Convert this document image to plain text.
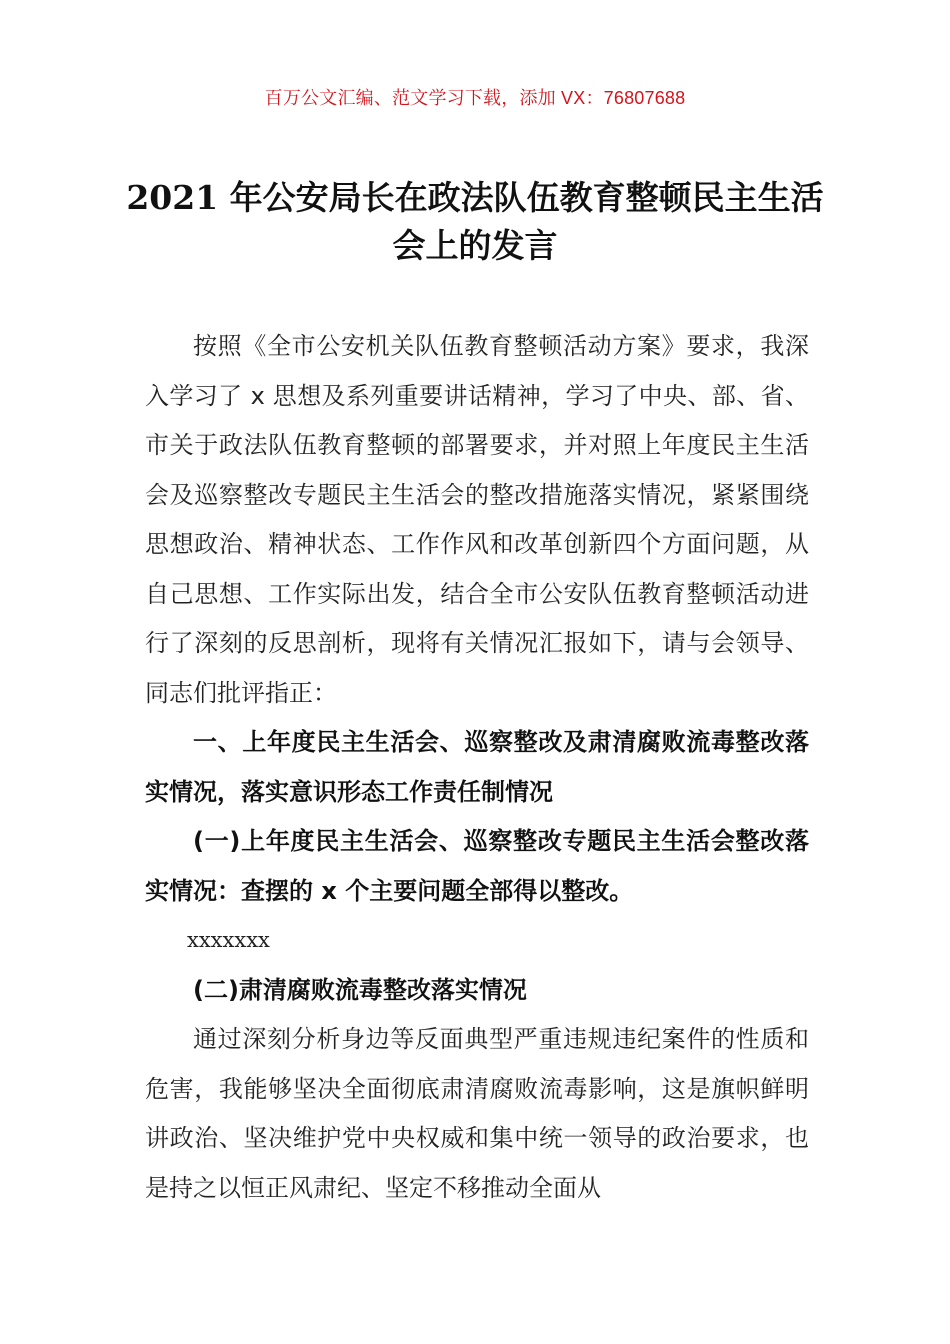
百万公文汇编、范文学习下载，添加 VX：76807688
2021 年公安局长在政法队伍教育整顿民主生活会上的发言

按照《全市公安机关队伍教育整顿活动方案》要求，我深入学习了 x 思想及系列重要讲话精神，学习了中央、部、省、市关于政法队伍教育整顿的部署要求，并对照上年度民主生活会及巡察整改专题民主生活会的整改措施落实情况，紧紧围绕思想政治、精神状态、工作作风和改革创新四个方面问题，从自己思想、工作实际出发，结合全市公安队伍教育整顿活动进行了深刻的反思剖析，现将有关情况汇报如下，请与会领导、同志们批评指正：

一、上年度民主生活会、巡察整改及肃清腐败流毒整改落实情况，落实意识形态工作责任制情况

(一)上年度民主生活会、巡察整改专题民主生活会整改落实情况：查摆的 x 个主要问题全部得以整改。

xxxxxxx

(二)肃清腐败流毒整改落实情况

通过深刻分析身边等反面典型严重违规违纪案件的性质和危害，我能够坚决全面彻底肃清腐败流毒影响，这是旗帜鲜明讲政治、坚决维护党中央权威和集中统一领导的政治要求，也是持之以恒正风肃纪、坚定不移推动全面从
